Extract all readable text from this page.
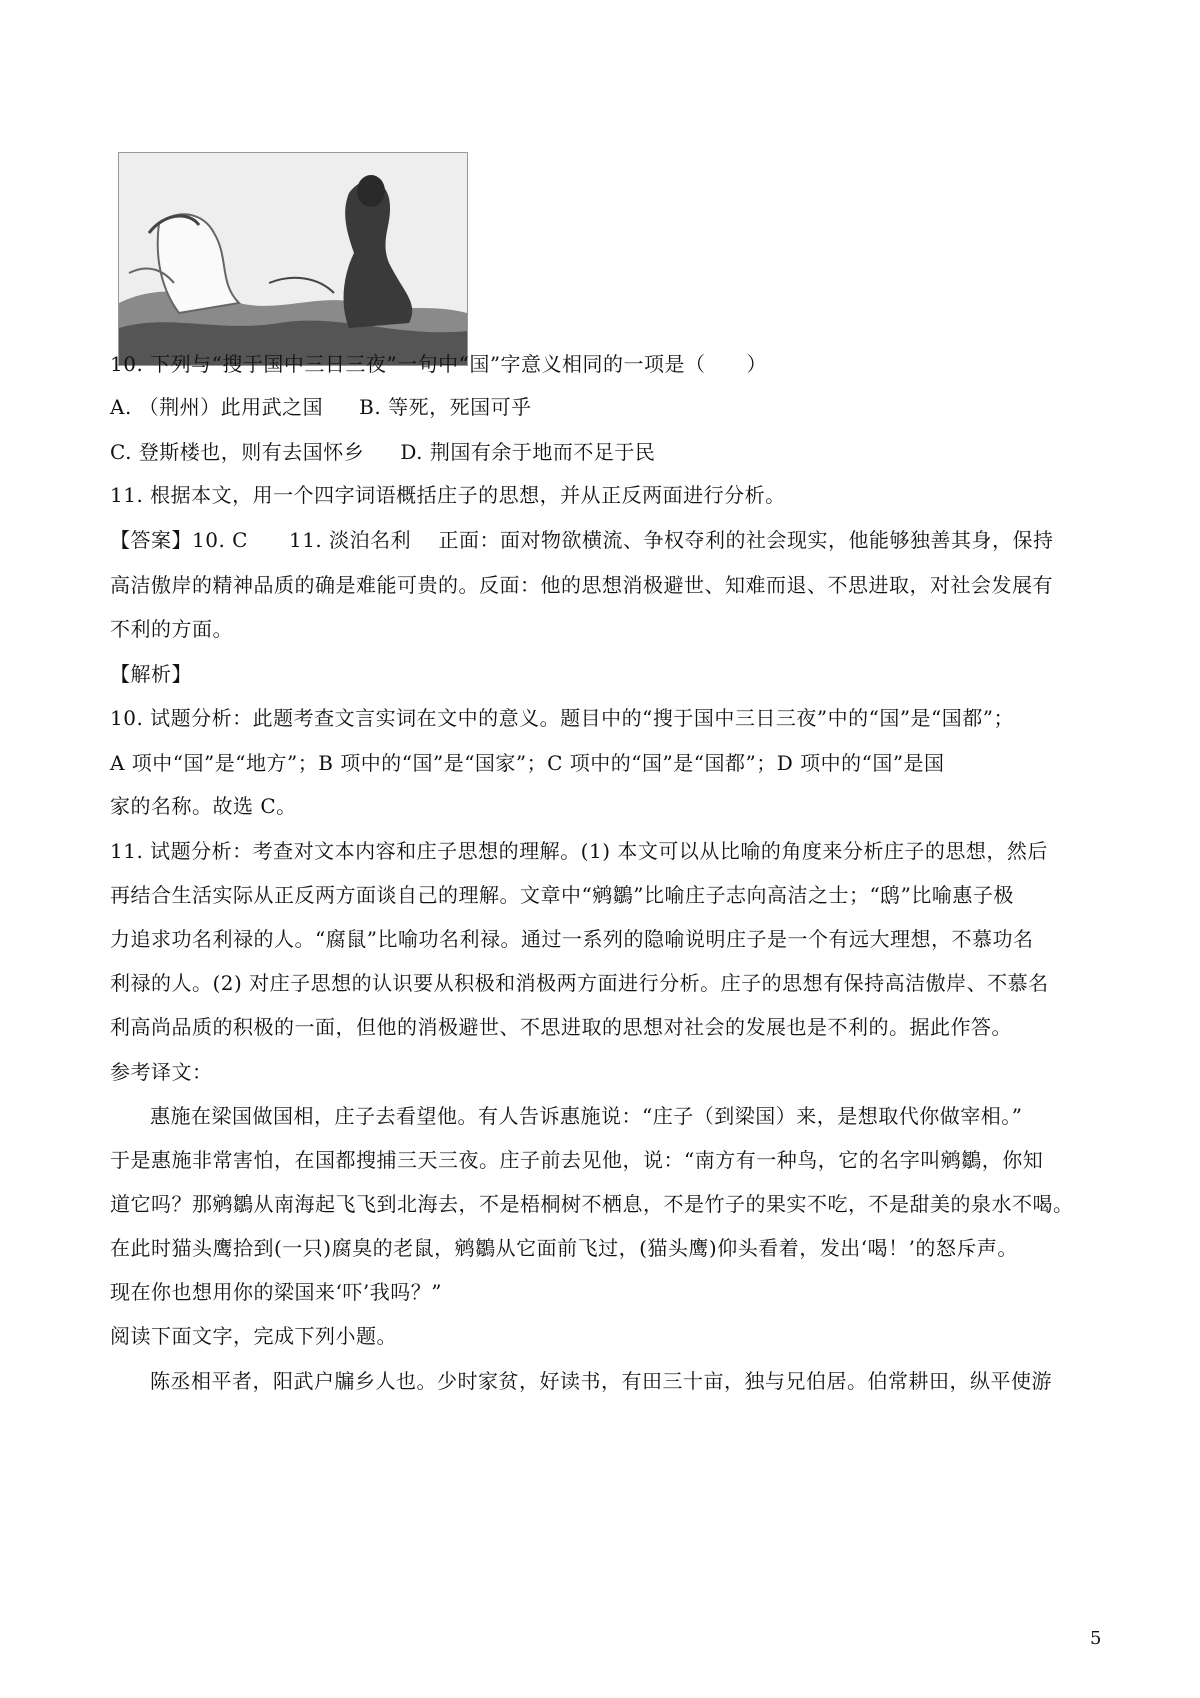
10. 下列与“搜于国中三日三夜”一句中“国”字意义相同的一项是（　　）
A. （荆州）此用武之国 B. 等死，死国可乎
C. 登斯楼也，则有去国怀乡 D. 荆国有余于地而不足于民
11. 根据本文，用一个四字词语概括庄子的思想，并从正反两面进行分析。
【答案】10. C　　11. 淡泊名利　 正面：面对物欲横流、争权夺利的社会现实，他能够独善其身，保持
高洁傲岸的精神品质的确是难能可贵的。反面：他的思想消极避世、知难而退、不思进取，对社会发展有
不利的方面。
【解析】
10. 试题分析：此题考查文言实词在文中的意义。题目中的“搜于国中三日三夜”中的“国”是“国都”；
A 项中“国”是“地方”；B 项中的“国”是“国家”；C 项中的“国”是“国都”；D 项中的“国”是国
家的名称。故选 C。
11. 试题分析：考查对文本内容和庄子思想的理解。(1) 本文可以从比喻的角度来分析庄子的思想，然后
再结合生活实际从正反两方面谈自己的理解。文章中“鹓鶵”比喻庄子志向高洁之士；“鸱”比喻惠子极
力追求功名利禄的人。“腐鼠”比喻功名利禄。通过一系列的隐喻说明庄子是一个有远大理想，不慕功名
利禄的人。(2) 对庄子思想的认识要从积极和消极两方面进行分析。庄子的思想有保持高洁傲岸、不慕名
利高尚品质的积极的一面，但他的消极避世、不思进取的思想对社会的发展也是不利的。据此作答。
参考译文：
惠施在梁国做国相，庄子去看望他。有人告诉惠施说：“庄子（到梁国）来，是想取代你做宰相。”
于是惠施非常害怕，在国都搜捕三天三夜。庄子前去见他，说：“南方有一种鸟，它的名字叫鹓鶵，你知
道它吗？那鹓鶵从南海起飞飞到北海去，不是梧桐树不栖息，不是竹子的果实不吃，不是甜美的泉水不喝。
在此时猫头鹰拾到(一只)腐臭的老鼠，鹓鶵从它面前飞过，(猫头鹰)仰头看着，发出‘喝！’的怒斥声。
现在你也想用你的梁国来‘吓’我吗？”
阅读下面文字，完成下列小题。
陈丞相平者，阳武户牖乡人也。少时家贫，好读书，有田三十亩，独与兄伯居。伯常耕田，纵平使游
5
